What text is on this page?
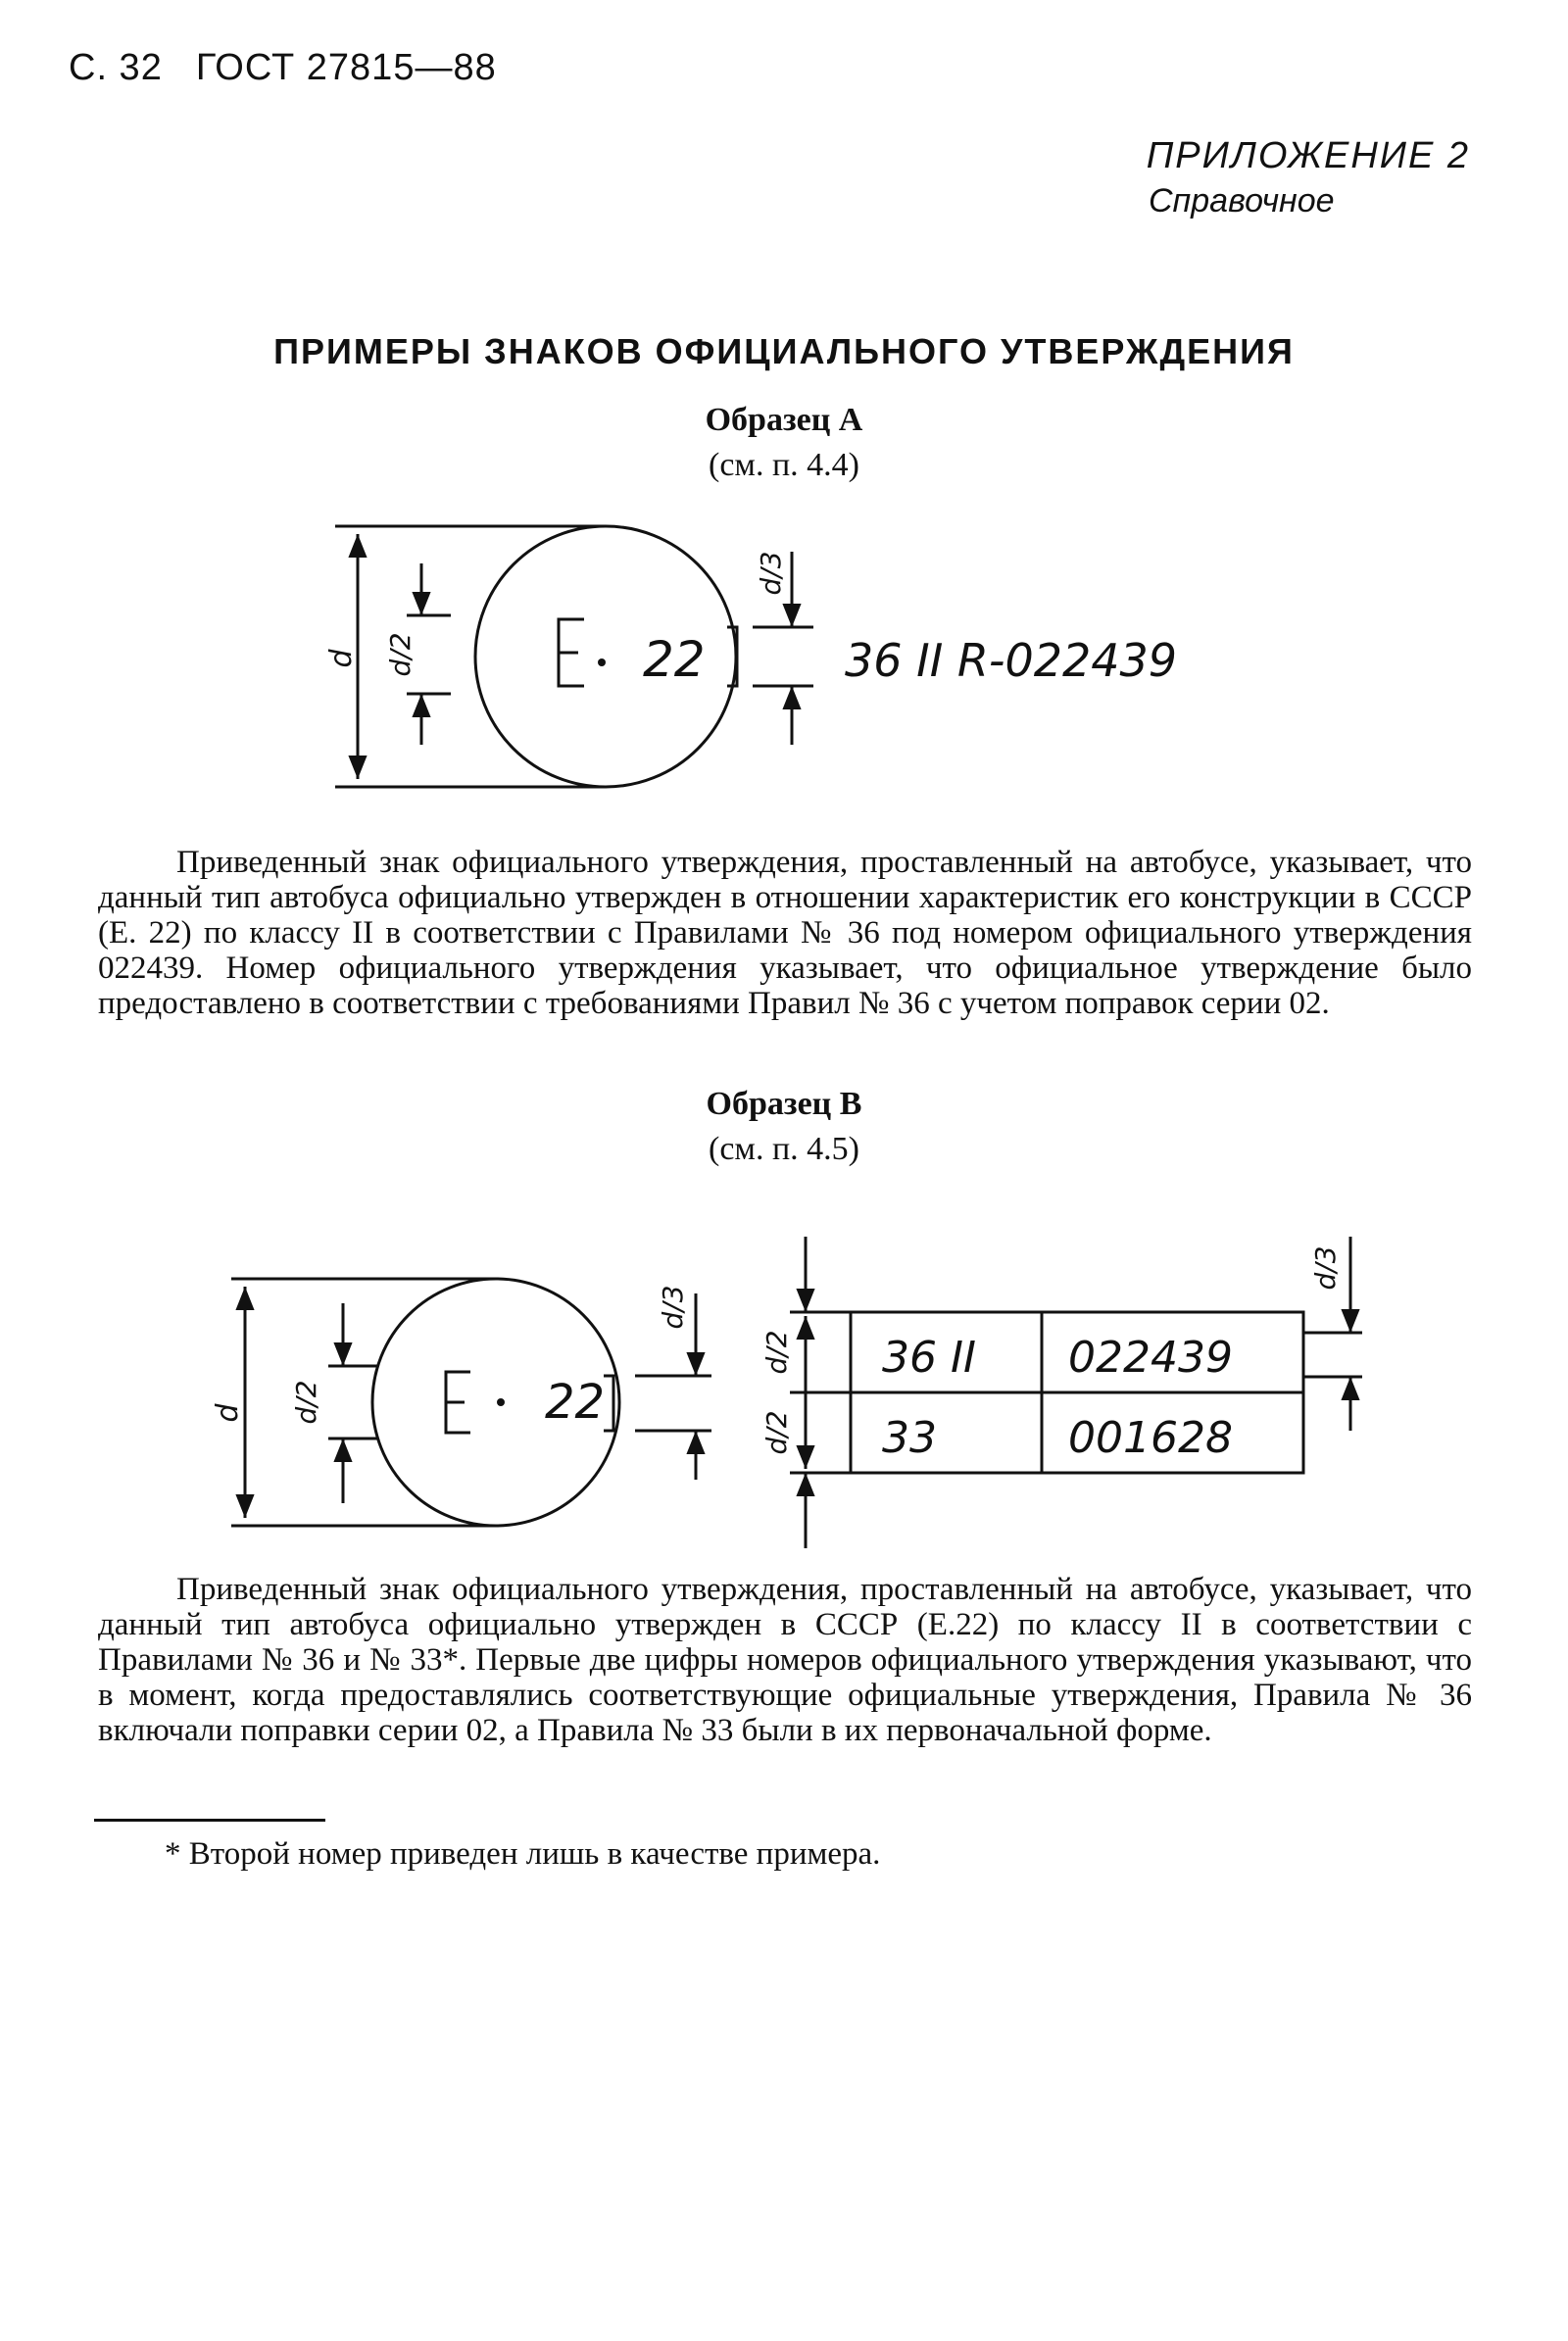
С. 32 ГОСТ 27815—88
ПРИЛОЖЕНИЕ 2
Справочное
ПРИМЕРЫ ЗНАКОВ ОФИЦИАЛЬНОГО УТВЕРЖДЕНИЯ
Образец А
(см. п. 4.4)
d d/2
d/3
22	36 II R-022439
d d/2
d/3
22
d/2
d/2
d/3
36 II 022439
33	001628

Приведенный знак официального утверждения, проставленный на автобусе, указывает, что данный тип автобуса официально утвержден в отношении характеристик его конструкции в СССР (Е. 22) по классу II в соответствии с Правилами № 36 под номером официального утверждения 022439. Номер официального утверждения указывает, что официальное утверждение было предоставлено в соответствии с требованиями Правил № 36 с учетом поправок серии 02.

Образец В
(см. п. 4.5)

Приведенный знак официального утверждения, проставленный на автобусе, указывает, что данный тип автобуса официально утвержден в СССР (Е.22) по классу II в соответствии с Правилами № 36 и № 33*. Первые две цифры номеров официального утверждения указывают, что в момент, когда предоставлялись соответствующие официальные утверждения, Правила № 36 включали поправки серии 02, а Правила № 33 были в их первоначальной форме.

* Второй номер приведен лишь в качестве примера.
